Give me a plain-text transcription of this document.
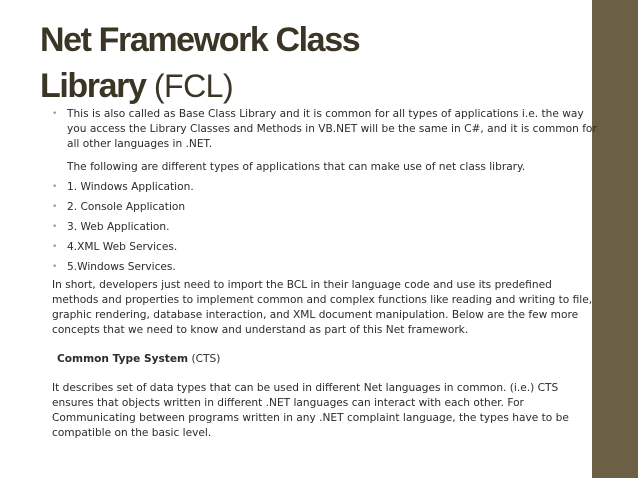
Net Framework Class
Library (FCL)
• This is also called as Base Class Library and it is common for all types of applications i.e. the way you access the Library Classes and Methods in VB.NET will be the same in C#, and it is common for all other languages in .NET.
The following are different types of applications that can make use of net class library.
• 1. Windows Application.
• 2. Console Application
• 3. Web Application.
• 4.XML Web Services.
• 5.Windows Services.

In short, developers just need to import the BCL in their language code and use its predefined methods and properties to implement common and complex functions like reading and writing to file, graphic rendering, database interaction, and XML document manipulation. Below are the few more concepts that we need to know and understand as part of this Net framework.

Common Type System (CTS)

It describes set of data types that can be used in different Net languages in common. (i.e.) CTS ensures that objects written in different .NET languages can interact with each other. For Communicating between programs written in any .NET complaint language, the types have to be compatible on the basic level.
